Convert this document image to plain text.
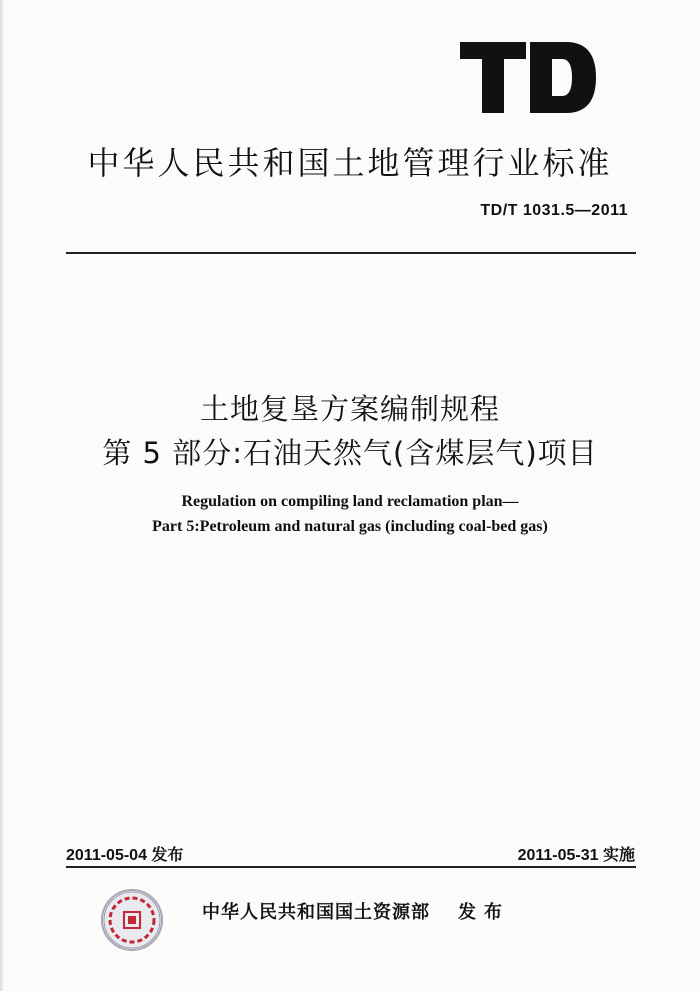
中华人民共和国土地管理行业标准
TD/T 1031.5—2011
土地复垦方案编制规程
第 5 部分:石油天然气(含煤层气)项目
Regulation on compiling land reclamation plan—
Part 5:Petroleum and natural gas (including coal-bed gas)
2011-05-04 发布	2011-05-31 实施
中华人民共和国国土资源部 发布
